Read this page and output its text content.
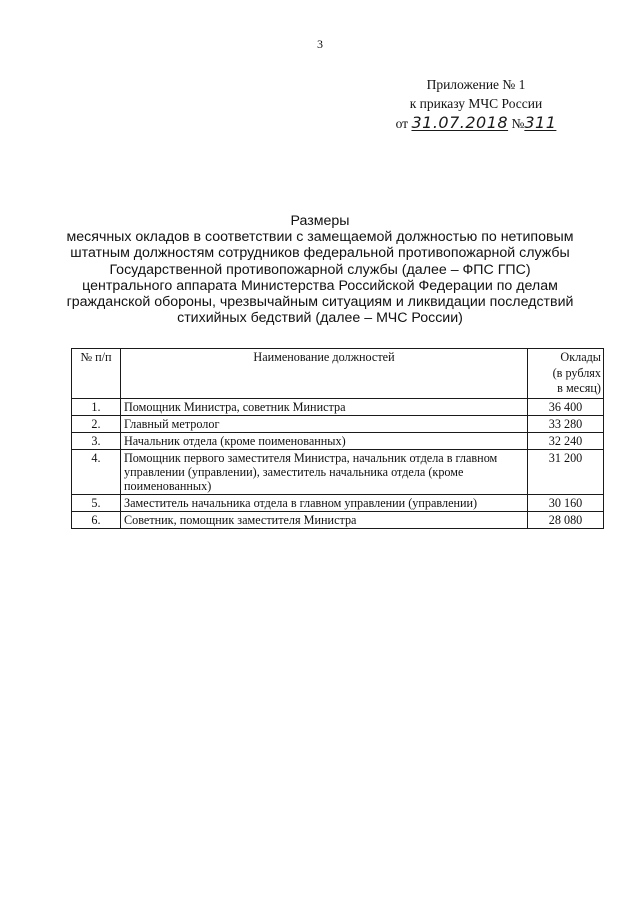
3
Приложение № 1
к приказу МЧС России
от 31.07.2018 №311
Размеры
месячных окладов в соответствии с замещаемой должностью по нетиповым
штатным должностям сотрудников федеральной противопожарной службы
Государственной противопожарной службы (далее – ФПС ГПС)
центрального аппарата Министерства Российской Федерации по делам
гражданской обороны, чрезвычайным ситуациям и ликвидации последствий
стихийных бедствий (далее – МЧС России)
№ п/п	Наименование должностей	Оклады
(в рублях
в месяц)

1.	Помощник Министра, советник Министра	36 400
2.	Главный метролог	33 280
3.	Начальник отдела (кроме поименованных)	32 240
4.	Помощник первого заместителя Министра, начальник отдела в главном управлении (управлении), заместитель начальника отдела (кроме поименованных)	31 200
5.	Заместитель начальника отдела в главном управлении (управлении)	30 160
6.	Советник, помощник заместителя Министра	28 080
